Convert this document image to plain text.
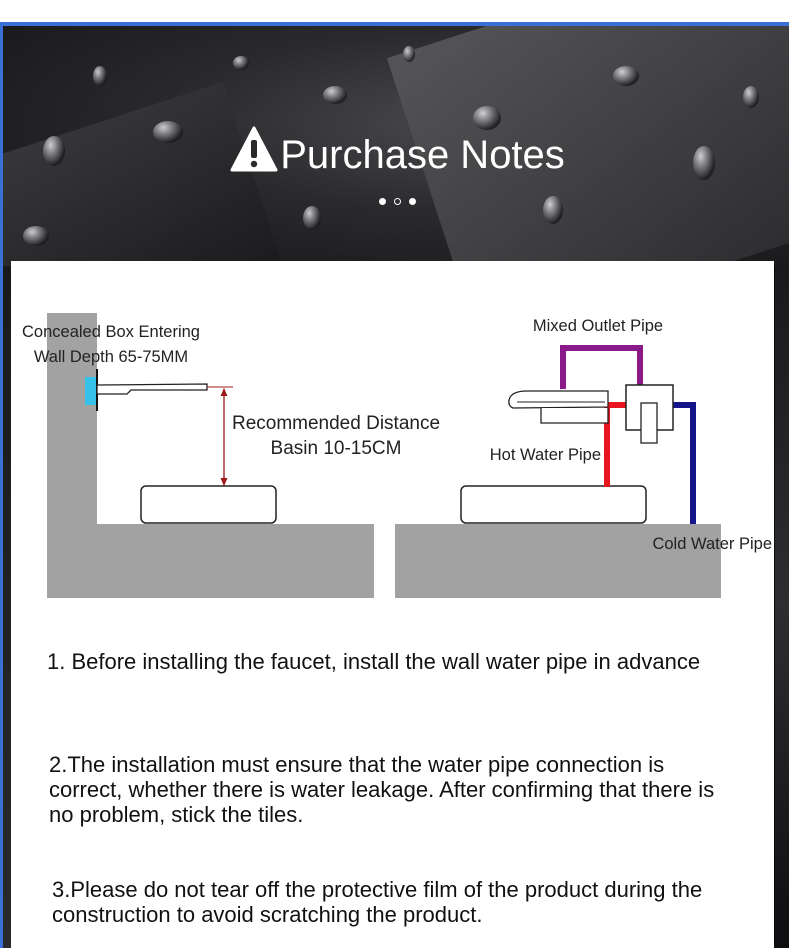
Purchase Notes

Concealed Box Entering
Wall Depth 65-75MM
Recommended Distance
Basin 10-15CM
Mixed Outlet Pipe
Hot Water Pipe
Cold Water Pipe

1. Before installing the faucet, install the wall water pipe in advance

2.The installation must ensure that the water pipe connection is correct, whether there is water leakage. After confirming that there is no problem, stick the tiles.

3.Please do not tear off the protective film of the product during the construction to avoid scratching the product.
